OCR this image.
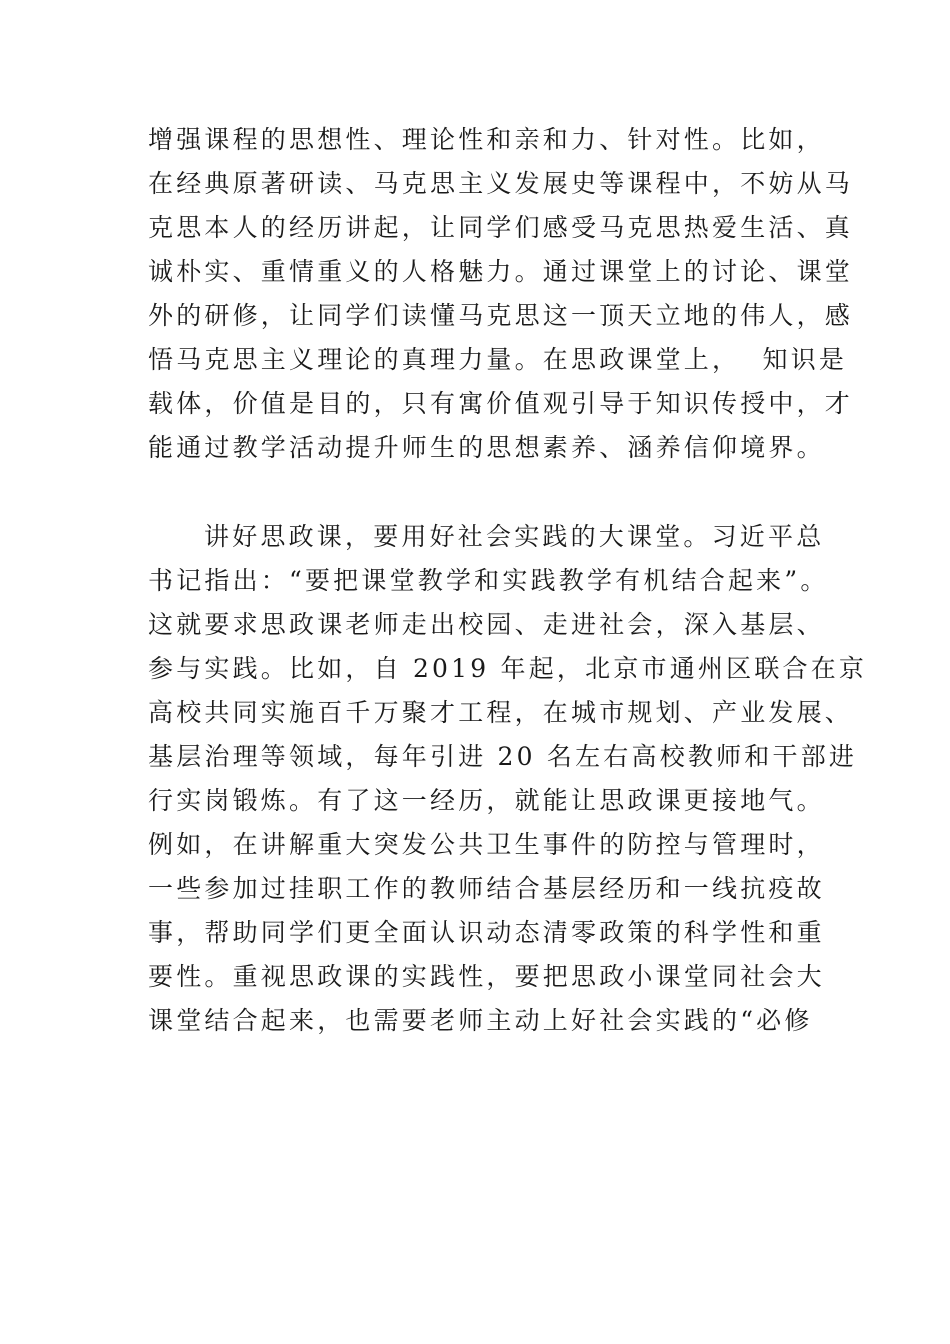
增强课程的思想性、理论性和亲和力、针对性。比如，
在经典原著研读、马克思主义发展史等课程中，不妨从马
克思本人的经历讲起，让同学们感受马克思热爱生活、真
诚朴实、重情重义的人格魅力。通过课堂上的讨论、课堂
外的研修，让同学们读懂马克思这一顶天立地的伟人，感
悟马克思主义理论的真理力量。在思政课堂上，  知识是
载体，价值是目的，只有寓价值观引导于知识传授中，才
能通过教学活动提升师生的思想素养、涵养信仰境界。
讲好思政课，要用好社会实践的大课堂。习近平总
书记指出：“要把课堂教学和实践教学有机结合起来”。
这就要求思政课老师走出校园、走进社会，深入基层、
参与实践。比如，自 2019 年起，北京市通州区联合在京
高校共同实施百千万聚才工程，在城市规划、产业发展、
基层治理等领域，每年引进 20 名左右高校教师和干部进
行实岗锻炼。有了这一经历，就能让思政课更接地气。
例如，在讲解重大突发公共卫生事件的防控与管理时，
一些参加过挂职工作的教师结合基层经历和一线抗疫故
事，帮助同学们更全面认识动态清零政策的科学性和重
要性。重视思政课的实践性，要把思政小课堂同社会大
课堂结合起来，也需要老师主动上好社会实践的“必修
